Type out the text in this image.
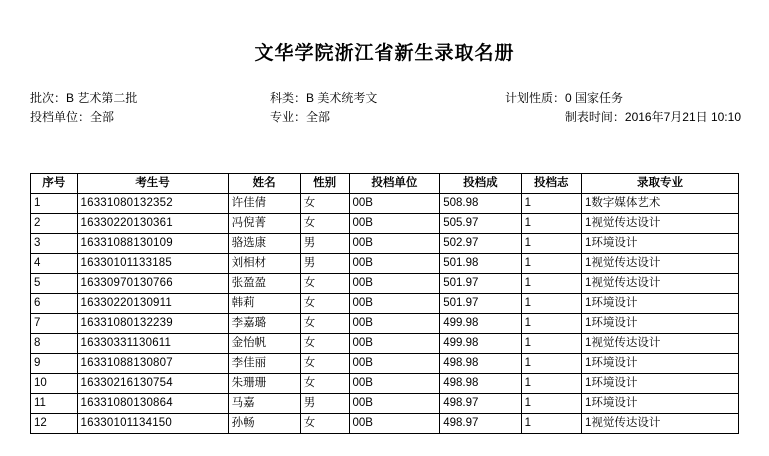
文华学院浙江省新生录取名册
批次：B 艺术第二批	科类：B 美术统考文	计划性质：0 国家任务
投档单位：全部	专业：全部	制表时间：2016年7月21日 10:10
序号	考生号	姓名	性别	投档单位	投档成	投档志	录取专业
1	16331080132352	许佳倩	女	00B	508.98	1	1数字媒体艺术
2	16330220130361	冯倪菁	女	00B	505.97	1	1视觉传达设计
3	16331088130109	骆选康	男	00B	502.97	1	1环境设计
4	16330101133185	刘相材	男	00B	501.98	1	1视觉传达设计
5	16330970130766	张盈盈	女	00B	501.97	1	1视觉传达设计
6	16330220130911	韩莉	女	00B	501.97	1	1环境设计
7	16331080132239	李嘉璐	女	00B	499.98	1	1环境设计
8	16330331130611	金怡帆	女	00B	499.98	1	1视觉传达设计
9	16331088130807	李佳丽	女	00B	498.98	1	1环境设计
10	16330216130754	朱珊珊	女	00B	498.98	1	1环境设计
11	16331080130864	马嘉	男	00B	498.97	1	1环境设计
12	16330101134150	孙畅	女	00B	498.97	1	1视觉传达设计
